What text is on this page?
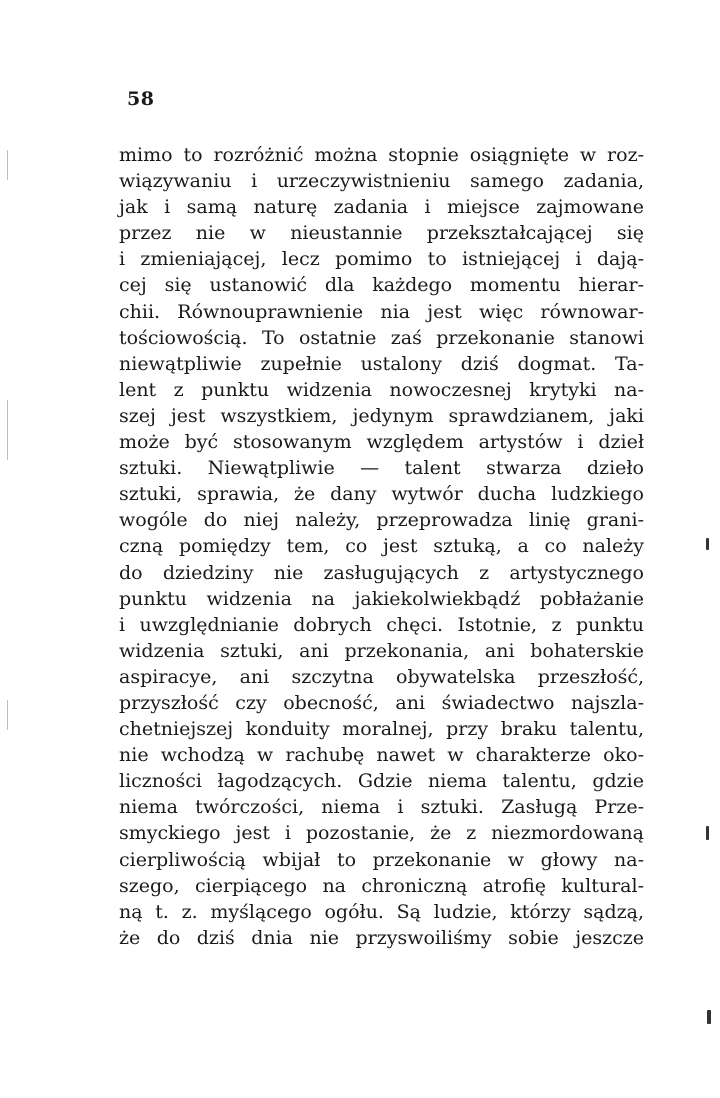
58
mimo to rozróżnić można stopnie osiągnięte w roz-
wiązywaniu i urzeczywistnieniu samego zadania,
jak i samą naturę zadania i miejsce zajmowane
przez nie w nieustannie przekształcającej się
i zmieniającej, lecz pomimo to istniejącej i dają-
cej się ustanowić dla każdego momentu hierar-
chii. Równouprawnienie nia jest więc równowar-
tościowością. To ostatnie zaś przekonanie stanowi
niewątpliwie zupełnie ustalony dziś dogmat. Ta-
lent z punktu widzenia nowoczesnej krytyki na-
szej jest wszystkiem, jedynym sprawdzianem, jaki
może być stosowanym względem artystów i dzieł
sztuki. Niewątpliwie — talent stwarza dzieło
sztuki, sprawia, że dany wytwór ducha ludzkiego
wogóle do niej należy, przeprowadza linię grani-
czną pomiędzy tem, co jest sztuką, a co należy
do dziedziny nie zasługujących z artystycznego
punktu widzenia na jakiekolwiekbądź pobłażanie
i uwzględnianie dobrych chęci. Istotnie, z punktu
widzenia sztuki, ani przekonania, ani bohaterskie
aspiracye, ani szczytna obywatelska przeszłość,
przyszłość czy obecność, ani świadectwo najszla-
chetniejszej konduity moralnej, przy braku talentu,
nie wchodzą w rachubę nawet w charakterze oko-
liczności łagodzących. Gdzie niema talentu, gdzie
niema twórczości, niema i sztuki. Zasługą Prze-
smyckiego jest i pozostanie, że z niezmordowaną
cierpliwością wbijał to przekonanie w głowy na-
szego, cierpiącego na chroniczną atrofię kultural-
ną t. z. myślącego ogółu. Są ludzie, którzy sądzą,
że do dziś dnia nie przyswoiliśmy sobie jeszcze
